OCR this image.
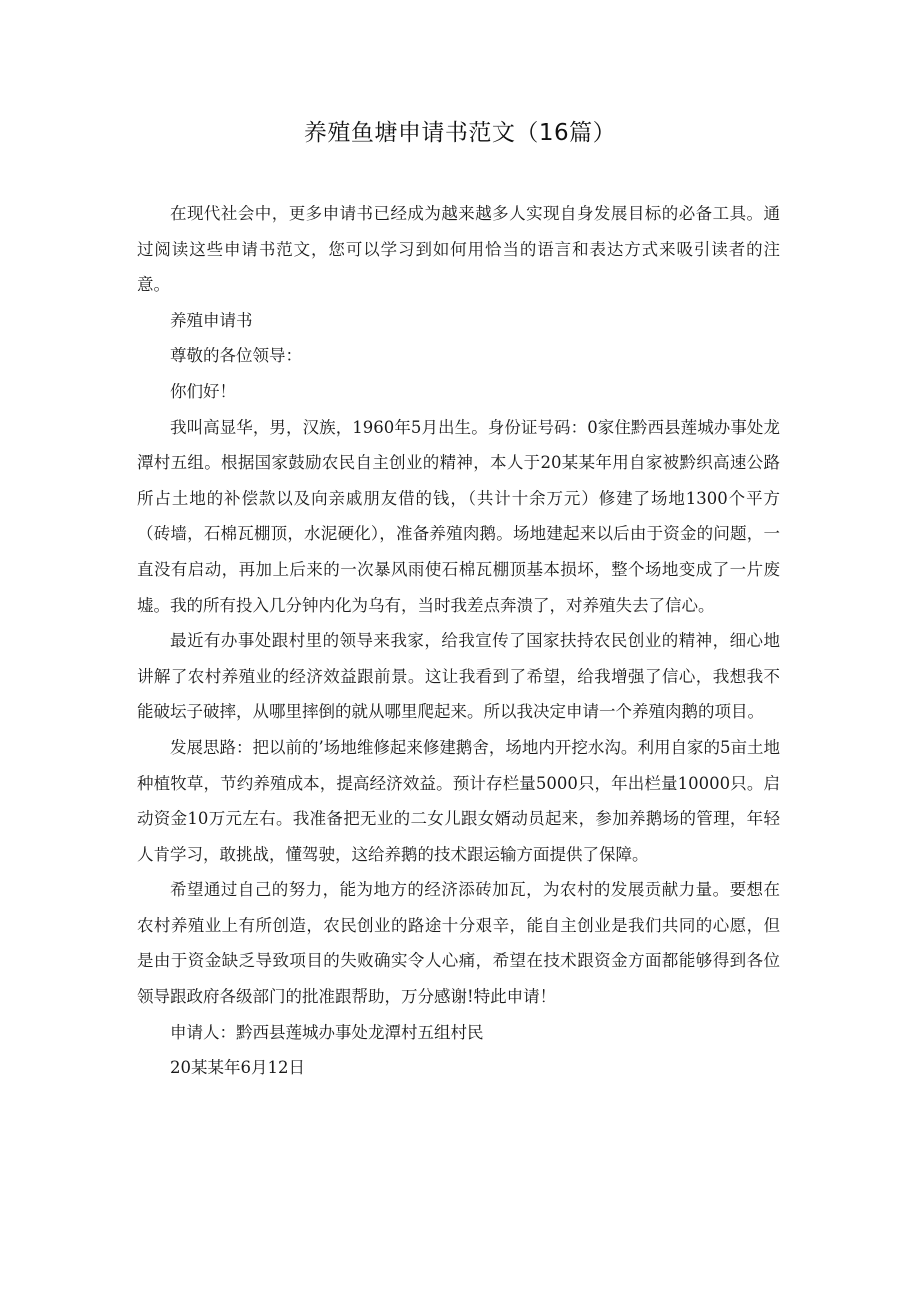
养殖鱼塘申请书范文（16篇）

在现代社会中，更多申请书已经成为越来越多人实现自身发展目标的必备工具。通过阅读这些申请书范文，您可以学习到如何用恰当的语言和表达方式来吸引读者的注意。

养殖申请书

尊敬的各位领导：

你们好！

我叫高显华，男，汉族，1960年5月出生。身份证号码：0家住黔西县莲城办事处龙潭村五组。根据国家鼓励农民自主创业的精神，本人于20某某年用自家被黔织高速公路所占土地的补偿款以及向亲戚朋友借的钱，（共计十余万元）修建了场地1300个平方（砖墙，石棉瓦棚顶，水泥硬化），准备养殖肉鹅。场地建起来以后由于资金的问题，一直没有启动，再加上后来的一次暴风雨使石棉瓦棚顶基本损坏，整个场地变成了一片废墟。我的所有投入几分钟内化为乌有，当时我差点奔溃了，对养殖失去了信心。

最近有办事处跟村里的领导来我家，给我宣传了国家扶持农民创业的精神，细心地讲解了农村养殖业的经济效益跟前景。这让我看到了希望，给我增强了信心，我想我不能破坛子破摔，从哪里摔倒的就从哪里爬起来。所以我决定申请一个养殖肉鹅的项目。

发展思路：把以前的’场地维修起来修建鹅舍，场地内开挖水沟。利用自家的5亩土地种植牧草，节约养殖成本，提高经济效益。预计存栏量5000只，年出栏量10000只。启动资金10万元左右。我准备把无业的二女儿跟女婿动员起来，参加养鹅场的管理，年轻人肯学习，敢挑战，懂驾驶，这给养鹅的技术跟运输方面提供了保障。

希望通过自己的努力，能为地方的经济添砖加瓦，为农村的发展贡献力量。要想在农村养殖业上有所创造，农民创业的路途十分艰辛，能自主创业是我们共同的心愿，但是由于资金缺乏导致项目的失败确实令人心痛，希望在技术跟资金方面都能够得到各位领导跟政府各级部门的批准跟帮助，万分感谢!特此申请！

申请人：黔西县莲城办事处龙潭村五组村民

20某某年6月12日
